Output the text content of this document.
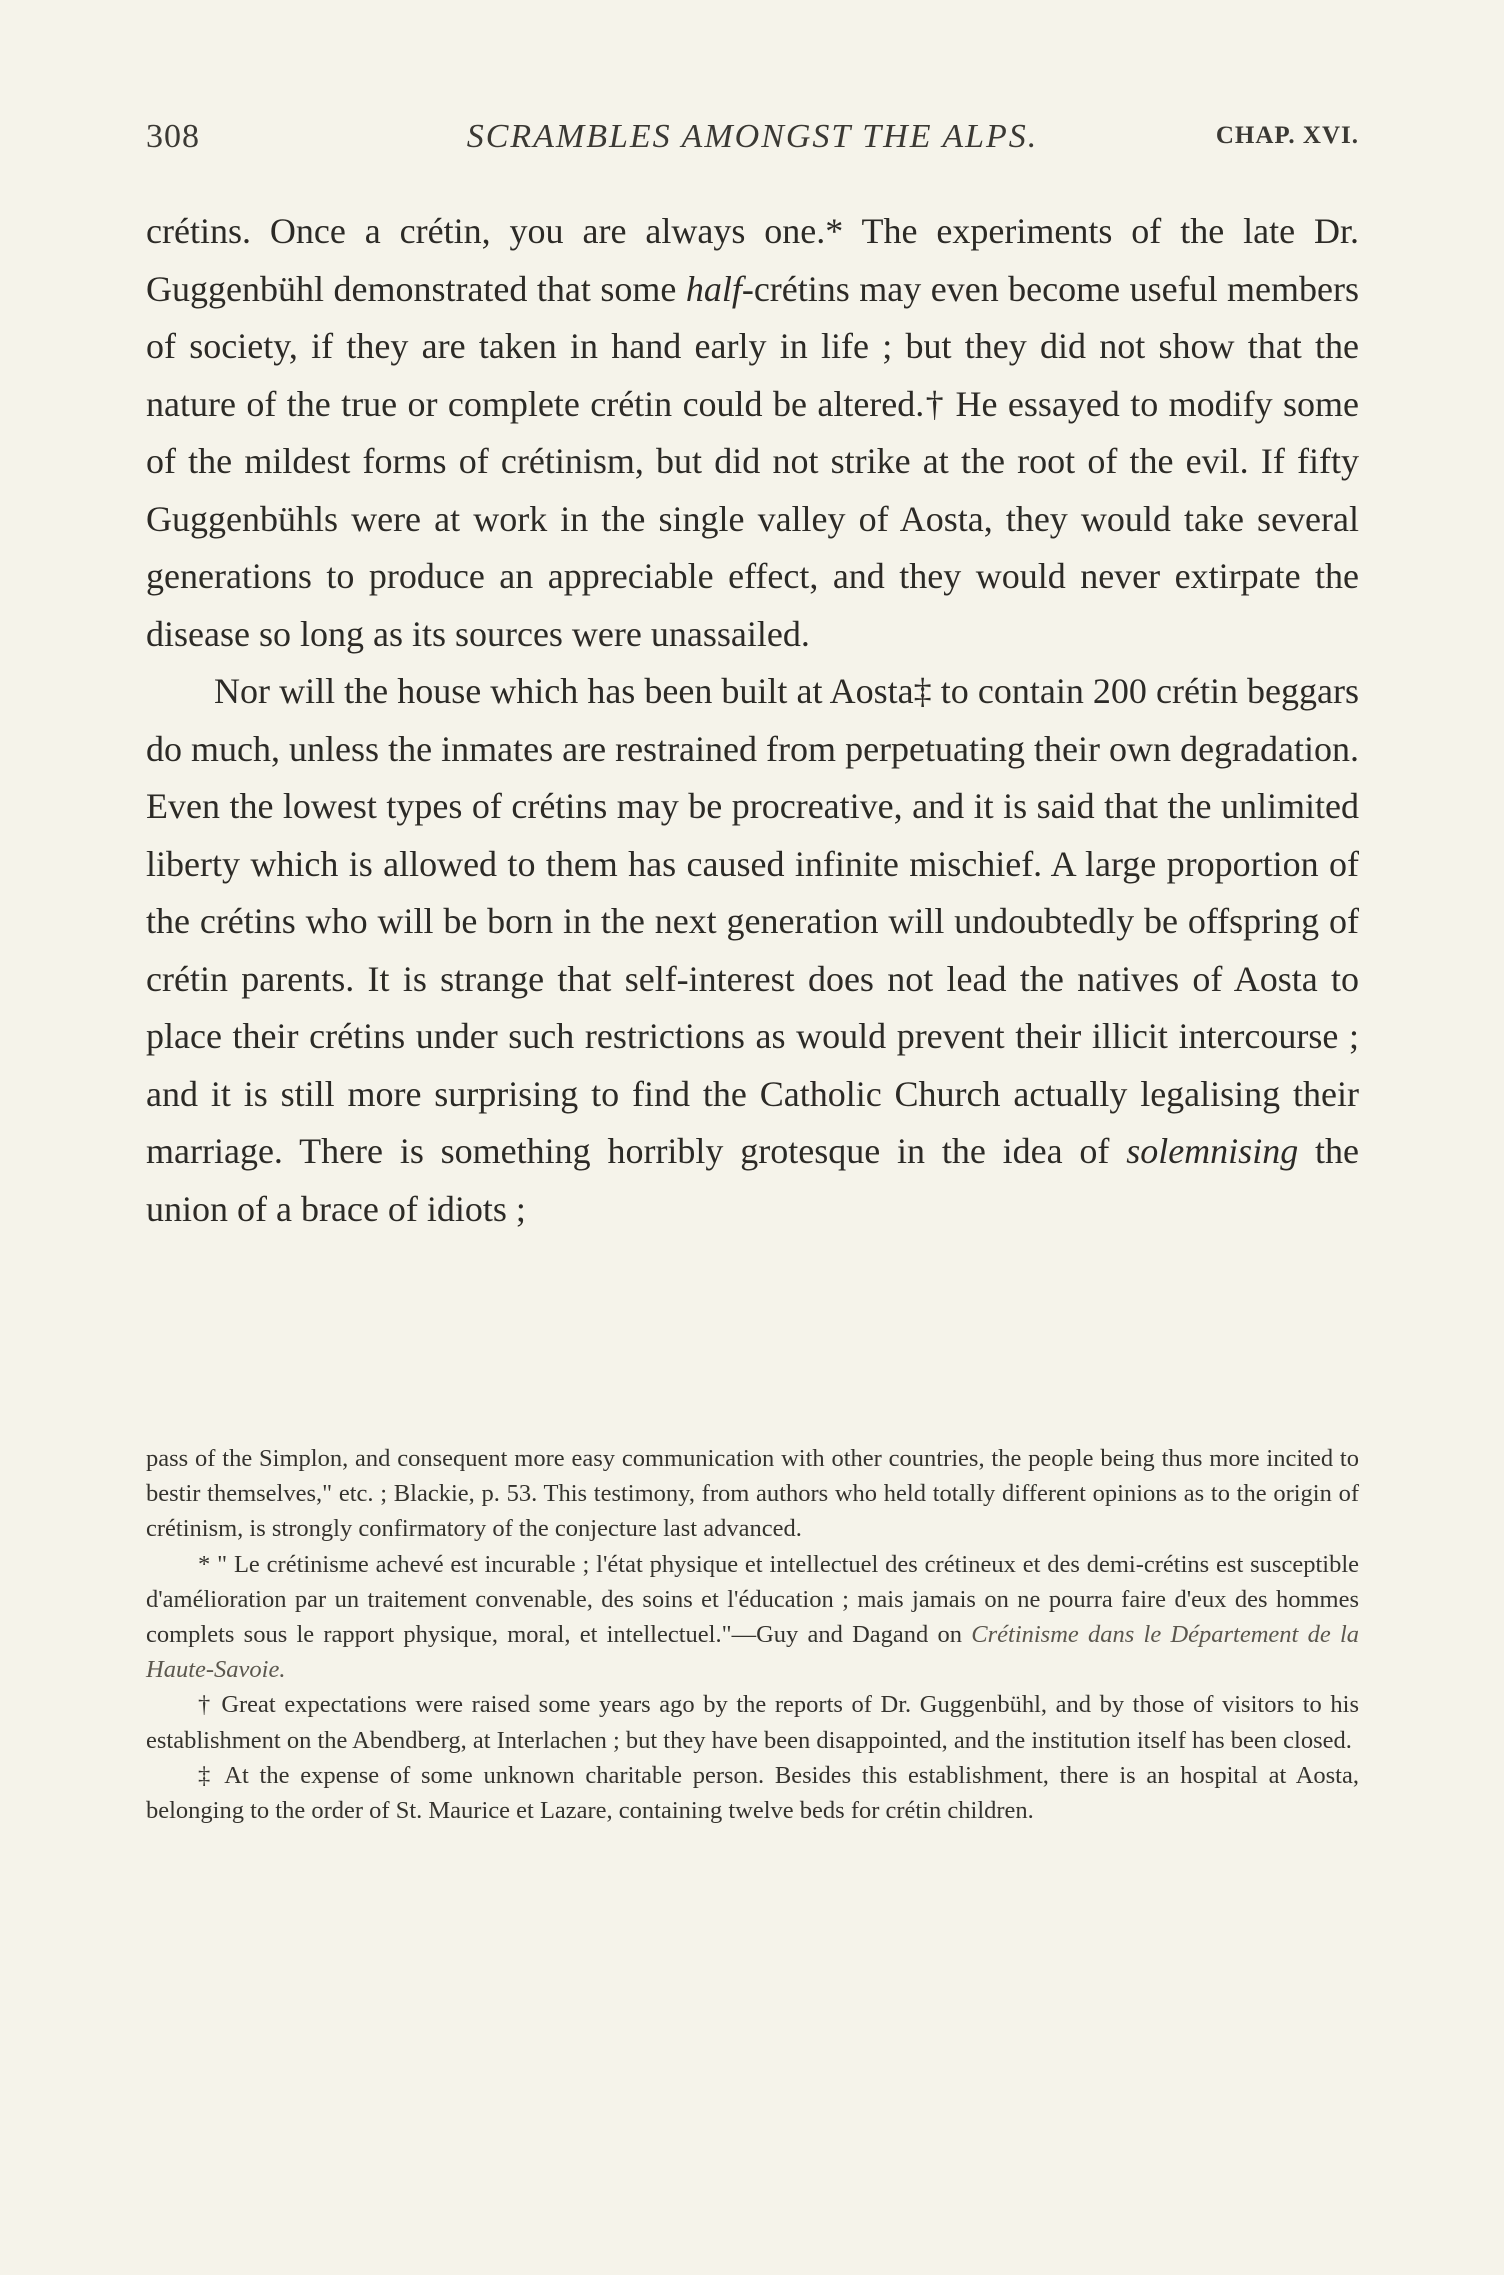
308	SCRAMBLES AMONGST THE ALPS.	CHAP. XVI.

crétins. Once a crétin, you are always one.* The experiments of the late Dr. Guggenbühl demonstrated that some half-crétins may even become useful members of society, if they are taken in hand early in life ; but they did not show that the nature of the true or complete crétin could be altered.† He essayed to modify some of the mildest forms of crétinism, but did not strike at the root of the evil. If fifty Guggenbühls were at work in the single valley of Aosta, they would take several generations to produce an appreciable effect, and they would never extirpate the disease so long as its sources were unassailed.

Nor will the house which has been built at Aosta‡ to contain 200 crétin beggars do much, unless the inmates are restrained from perpetuating their own degradation. Even the lowest types of crétins may be procreative, and it is said that the unlimited liberty which is allowed to them has caused infinite mischief. A large proportion of the crétins who will be born in the next generation will undoubtedly be offspring of crétin parents. It is strange that self-interest does not lead the natives of Aosta to place their crétins under such restrictions as would prevent their illicit intercourse ; and it is still more surprising to find the Catholic Church actually legalising their marriage. There is something horribly grotesque in the idea of solemnising the union of a brace of idiots ;

pass of the Simplon, and consequent more easy communication with other countries, the people being thus more incited to bestir themselves," etc. ; Blackie, p. 53. This testimony, from authors who held totally different opinions as to the origin of crétinism, is strongly confirmatory of the conjecture last advanced.

* " Le crétinisme achevé est incurable ; l'état physique et intellectuel des crétineux et des demi-crétins est susceptible d'amélioration par un traitement convenable, des soins et l'éducation ; mais jamais on ne pourra faire d'eux des hommes complets sous le rapport physique, moral, et intellectuel."—Guy and Dagand on Crétinisme dans le Département de la Haute-Savoie.

† Great expectations were raised some years ago by the reports of Dr. Guggenbühl, and by those of visitors to his establishment on the Abendberg, at Interlachen ; but they have been disappointed, and the institution itself has been closed.

‡ At the expense of some unknown charitable person. Besides this establishment, there is an hospital at Aosta, belonging to the order of St. Maurice et Lazare, containing twelve beds for crétin children.
